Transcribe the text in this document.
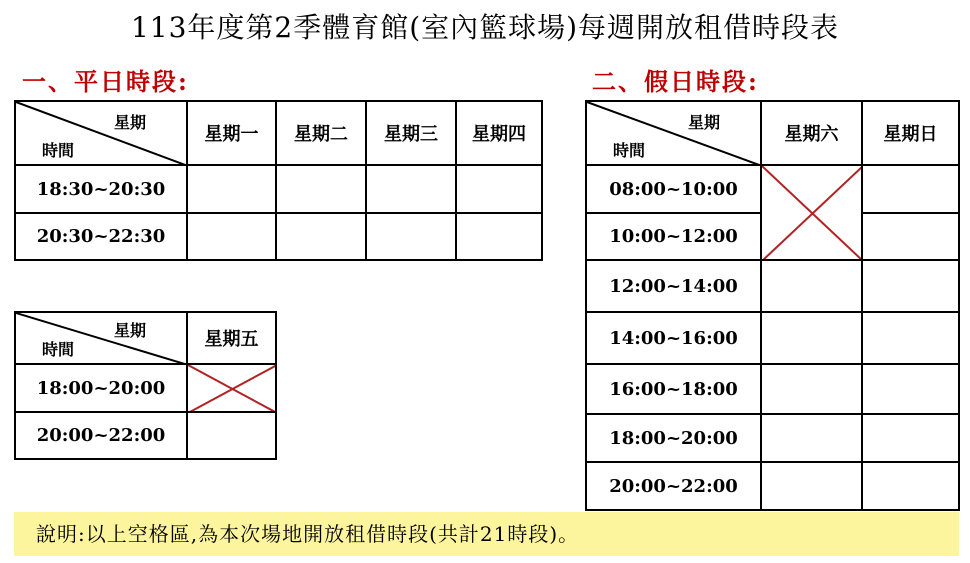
113年度第2季體育館(室內籃球場)每週開放租借時段表
一、平日時段:	二、假日時段:
星期
時間	星期一	星期二	星期三	星期四
18:30~20:30				
20:30~22:30				
星期
時間	星期五
18:00~20:00	

20:00~22:00	
星期
時間	星期六	星期日
08:00~10:00	

10:00~12:00		
12:00~14:00		
14:00~16:00		
16:00~18:00		
18:00~20:00		
20:00~22:00		
說明:以上空格區,為本次場地開放租借時段(共計21時段)。
